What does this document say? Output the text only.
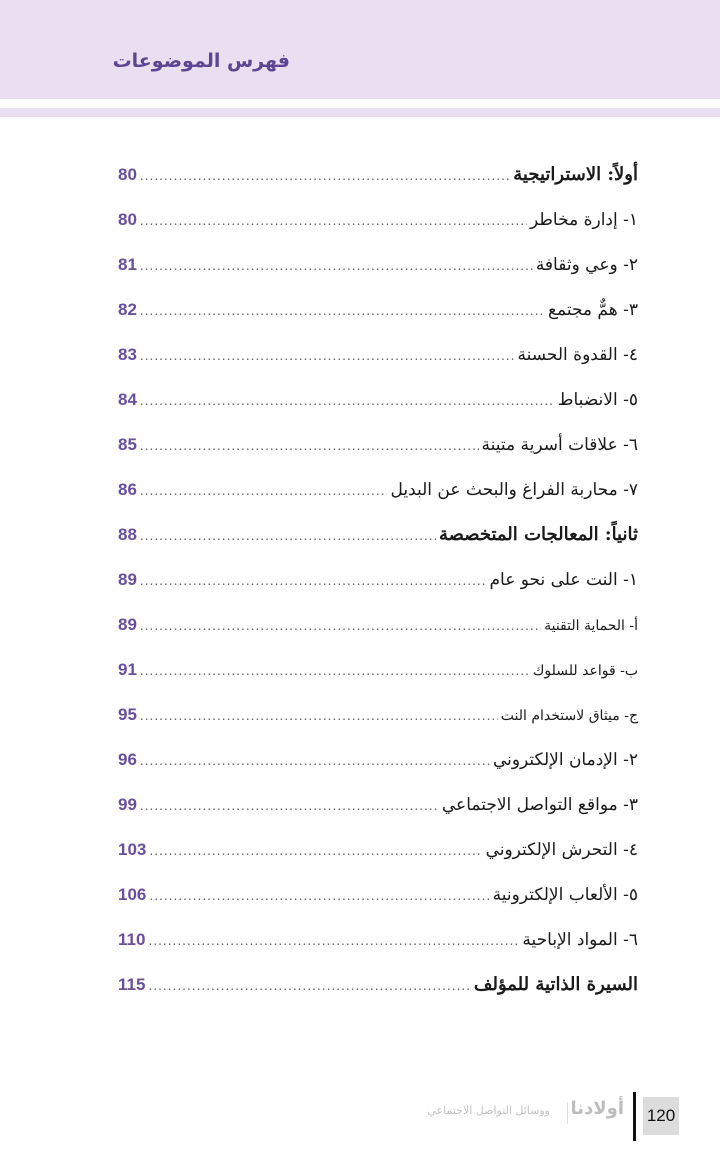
فهرس الموضوعات
أولاً: الاستراتيجية
.....
80
١- إدارة مخاطر
.....
80
٢- وعي وثقافة
.....
81
٣- همٌّ مجتمع
.....
82
٤- القدوة الحسنة
.....
83
٥- الانضباط
.....
84
٦- علاقات أسرية متينة
.....
85
٧- محاربة الفراغ والبحث عن البديل
.....
86
ثانياً: المعالجات المتخصصة
.....
88
١- النت على نحو عام
.....
89
أ- الحماية التقنية
.....
89
ب- قواعد للسلوك
.....
91
ج- ميثاق لاستخدام النت
.....
95
٢- الإدمان الإلكتروني
.....
96
٣- مواقع التواصل الاجتماعي
.....
99
٤- التحرش الإلكتروني
.....
103
٥- الألعاب الإلكترونية
.....
106
٦- المواد الإباحية
.....
110
السيرة الذاتية للمؤلف
.....
115
ووسائل التواصل الاجتماعي أولادنا 120
